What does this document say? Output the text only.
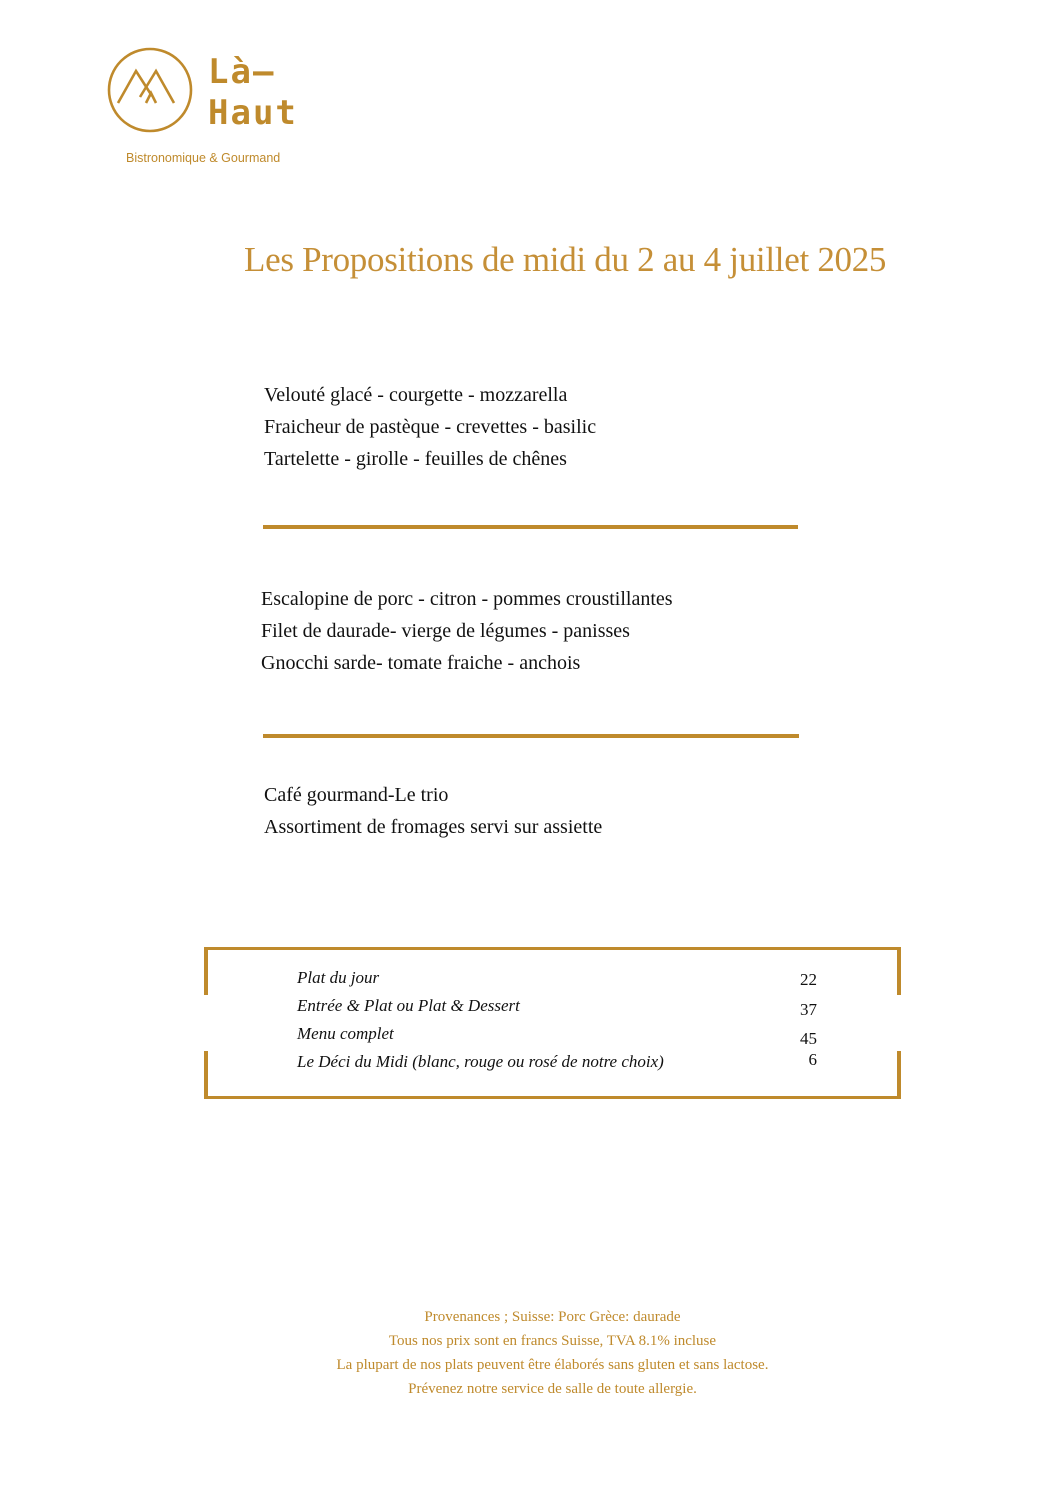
Là—
Haut
Bistronomique & Gourmand
Les Propositions de midi du 2 au 4 juillet 2025
Velouté glacé - courgette - mozzarella
Fraicheur de pastèque - crevettes - basilic
Tartelette - girolle - feuilles de chênes
Escalopine de porc - citron - pommes croustillantes
Filet de daurade- vierge de légumes - panisses
Gnocchi sarde- tomate fraiche - anchois
Café gourmand-Le trio
Assortiment de fromages servi sur assiette
Plat du jour	22
Entrée & Plat ou Plat & Dessert	37
Menu complet	45
Le Déci du Midi (blanc, rouge ou rosé de notre choix)	6
Provenances ; Suisse: Porc Grèce: daurade
Tous nos prix sont en francs Suisse, TVA 8.1% incluse
La plupart de nos plats peuvent être élaborés sans gluten et sans lactose.
Prévenez notre service de salle de toute allergie.
